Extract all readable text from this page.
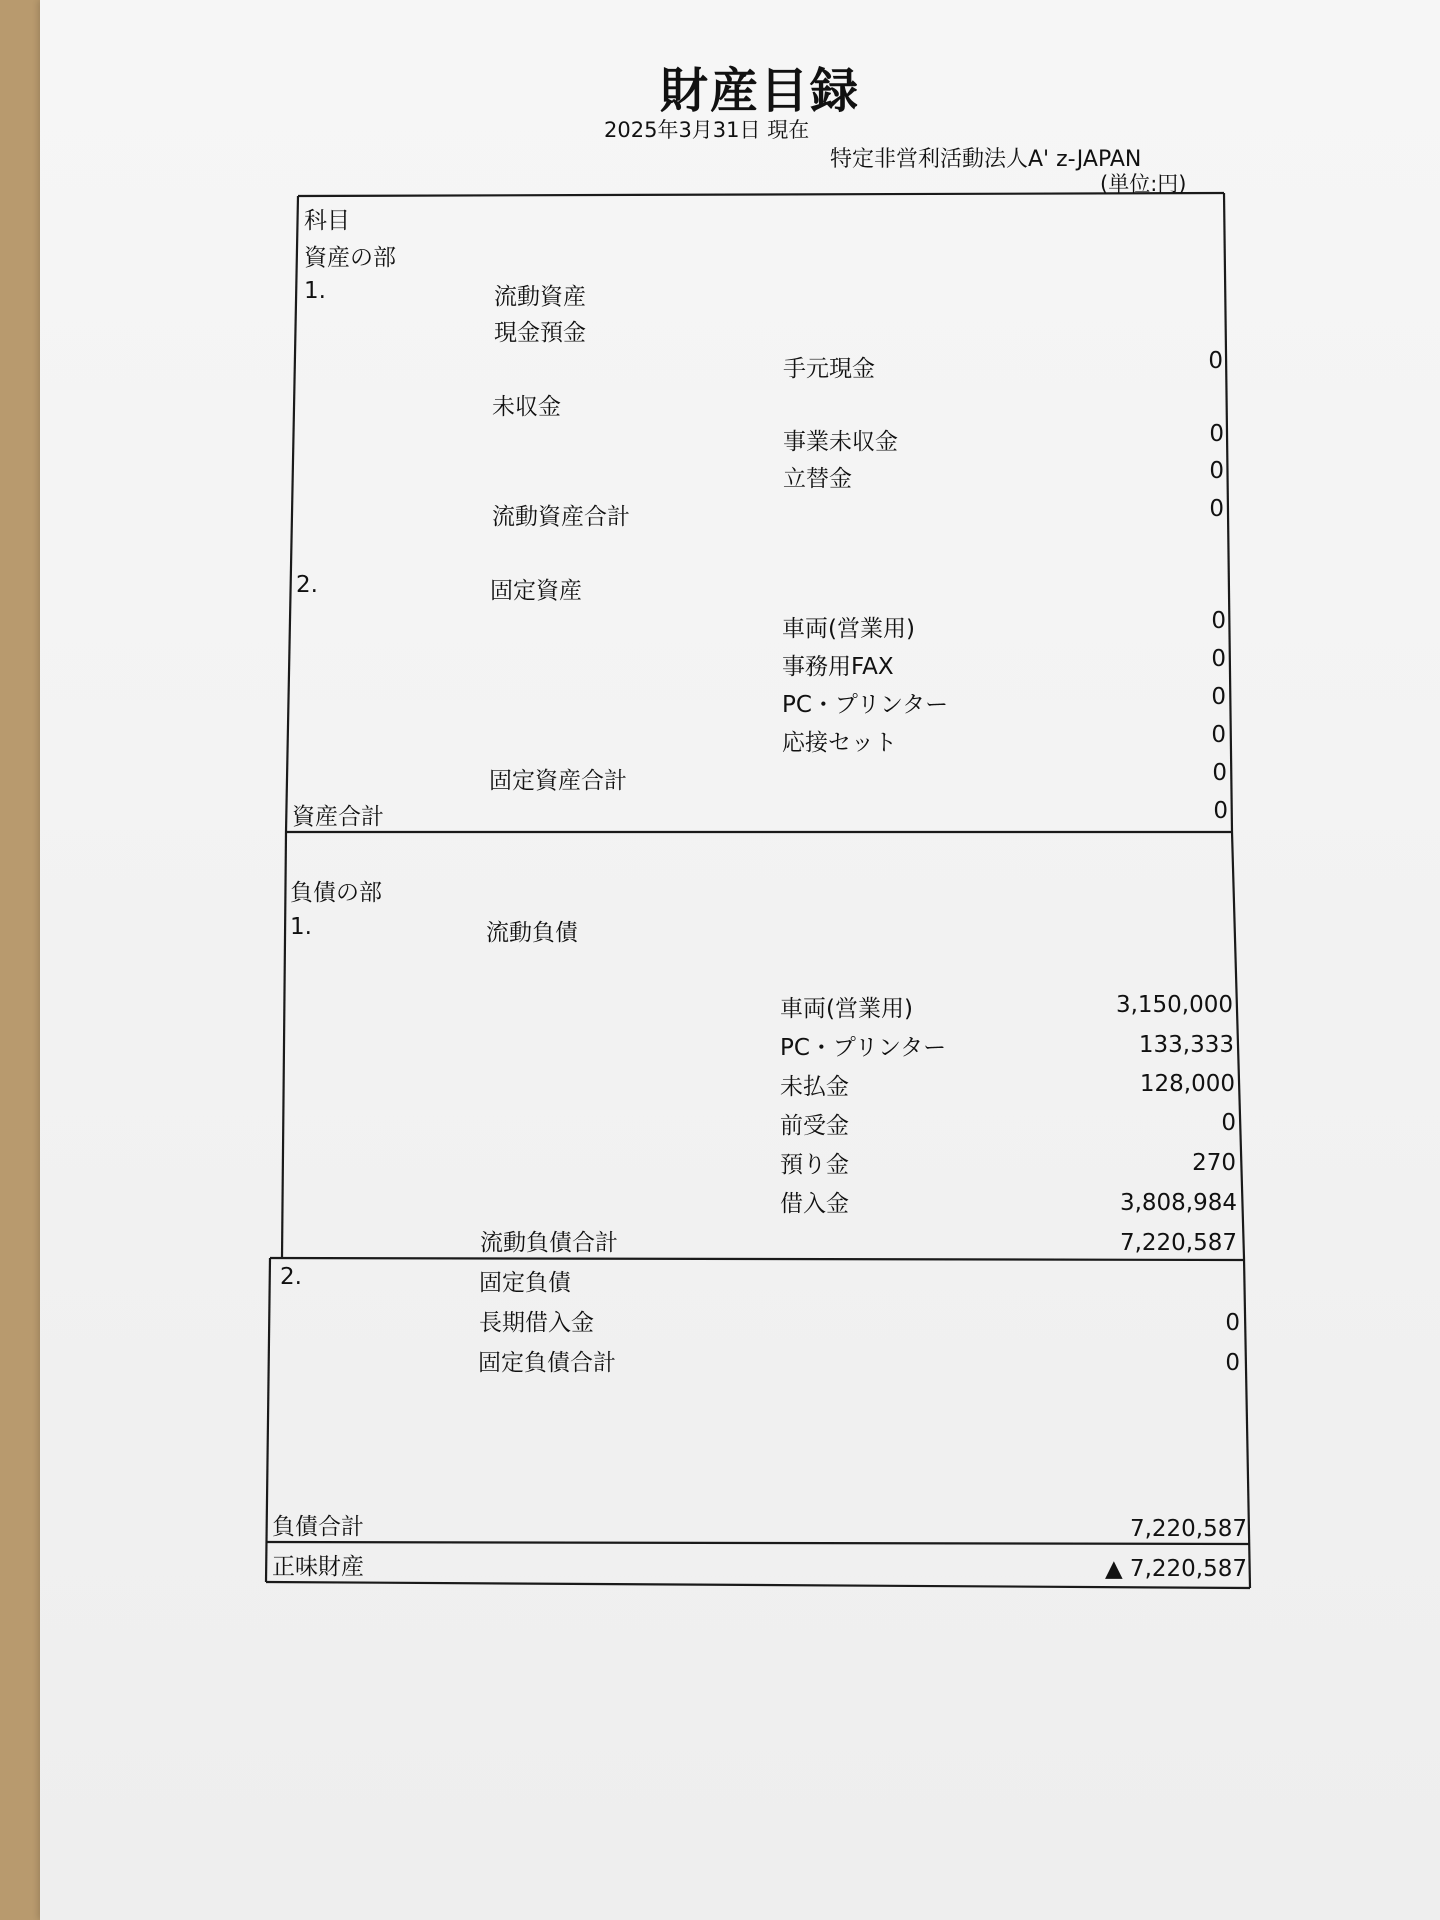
財産目録
2025年3月31日 現在
特定非営利活動法人A' z-JAPAN
(単位:円)
科目
資産の部
1.	流動資産
現金預金
手元現金	0
未収金
事業未収金	0
立替金	0
流動資産合計	0
2.	固定資産
車両(営業用)	0
事務用FAX	0
PC・プリンター	0
応接セット	0
固定資産合計	0
資産合計	0
負債の部
1.	流動負債
車両(営業用)	3,150,000
PC・プリンター	133,333
未払金	128,000
前受金	0
預り金	270
借入金	3,808,984
流動負債合計	7,220,587
2.	固定負債
長期借入金	0
固定負債合計	0
負債合計	7,220,587
正味財産	▲ 7,220,587
